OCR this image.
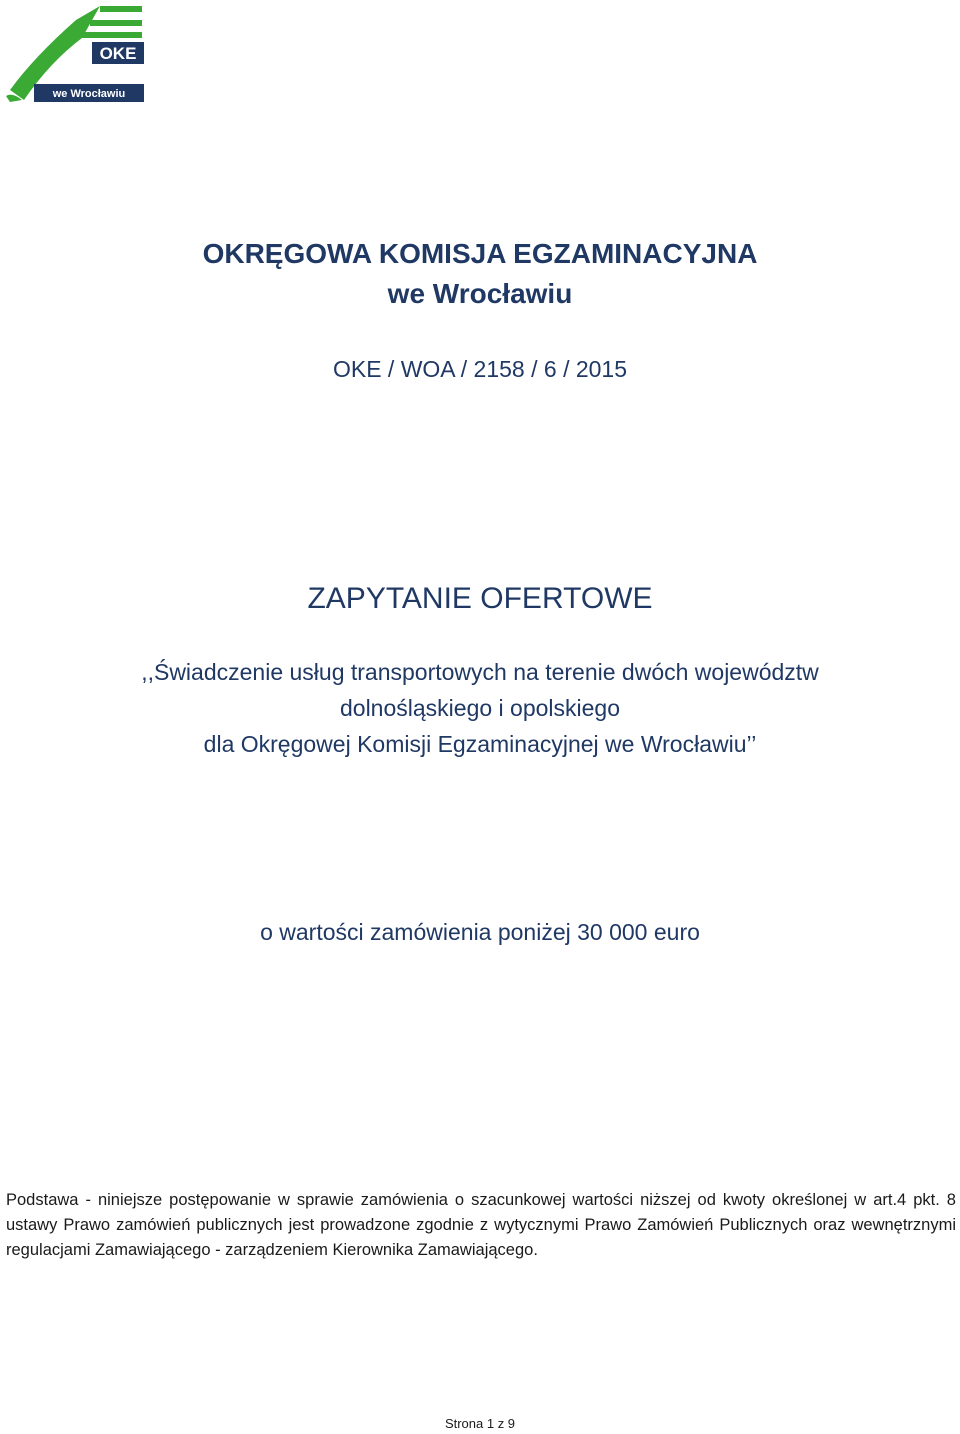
OKE
we Wrocławiu
OKRĘGOWA KOMISJA EGZAMINACYJNA
we Wrocławiu
OKE / WOA / 2158 / 6 / 2015
ZAPYTANIE OFERTOWE
,,Świadczenie usług transportowych na terenie dwóch województw
dolnośląskiego i opolskiego
dla Okręgowej Komisji Egzaminacyjnej we Wrocławiu’’
o wartości zamówienia poniżej 30 000 euro
Podstawa - niniejsze postępowanie w sprawie zamówienia o szacunkowej wartości niższej od kwoty określonej w art.4 pkt. 8 ustawy Prawo zamówień publicznych jest prowadzone zgodnie z wytycznymi Prawo Zamówień Publicznych oraz wewnętrznymi regulacjami Zamawiającego - zarządzeniem Kierownika Zamawiającego.
Strona 1 z 9
